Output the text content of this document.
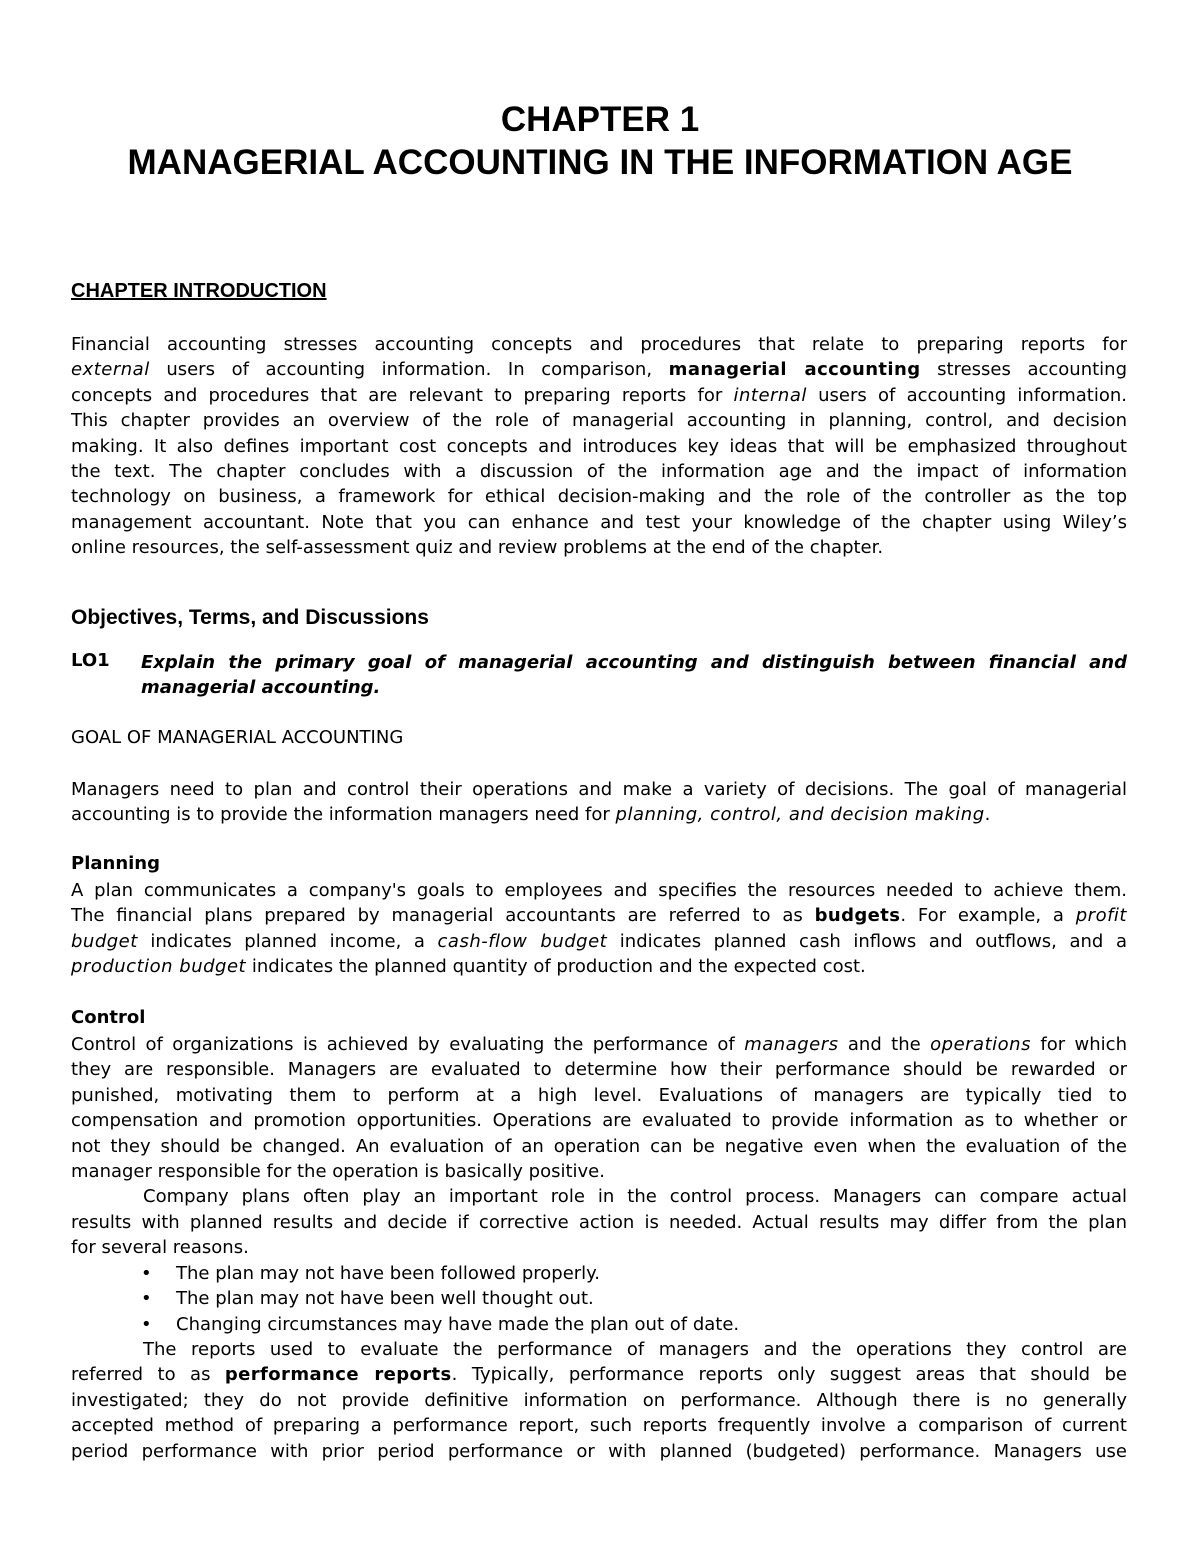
CHAPTER 1
MANAGERIAL ACCOUNTING IN THE INFORMATION AGE
CHAPTER INTRODUCTION
Financial accounting stresses accounting concepts and procedures that relate to preparing reports for
external users of accounting information. In comparison, managerial accounting stresses accounting
concepts and procedures that are relevant to preparing reports for internal users of accounting information.
This chapter provides an overview of the role of managerial accounting in planning, control, and decision
making. It also defines important cost concepts and introduces key ideas that will be emphasized throughout
the text. The chapter concludes with a discussion of the information age and the impact of information
technology on business, a framework for ethical decision-making and the role of the controller as the top
management accountant. Note that you can enhance and test your knowledge of the chapter using Wiley’s
online resources, the self-assessment quiz and review problems at the end of the chapter.
Objectives, Terms, and Discussions
LO1 Explain the primary goal of managerial accounting and distinguish between financial and
managerial accounting.
GOAL OF MANAGERIAL ACCOUNTING
Managers need to plan and control their operations and make a variety of decisions. The goal of managerial
accounting is to provide the information managers need for planning, control, and decision making.
Planning
A plan communicates a company's goals to employees and specifies the resources needed to achieve them.
The financial plans prepared by managerial accountants are referred to as budgets. For example, a profit
budget indicates planned income, a cash-flow budget indicates planned cash inflows and outflows, and a
production budget indicates the planned quantity of production and the expected cost.
Control
Control of organizations is achieved by evaluating the performance of managers and the operations for which
they are responsible. Managers are evaluated to determine how their performance should be rewarded or
punished, motivating them to perform at a high level. Evaluations of managers are typically tied to
compensation and promotion opportunities. Operations are evaluated to provide information as to whether or
not they should be changed. An evaluation of an operation can be negative even when the evaluation of the
manager responsible for the operation is basically positive.
Company plans often play an important role in the control process. Managers can compare actual
results with planned results and decide if corrective action is needed. Actual results may differ from the plan
for several reasons.
• The plan may not have been followed properly.
• The plan may not have been well thought out.
• Changing circumstances may have made the plan out of date.
The reports used to evaluate the performance of managers and the operations they control are
referred to as performance reports. Typically, performance reports only suggest areas that should be
investigated; they do not provide definitive information on performance. Although there is no generally
accepted method of preparing a performance report, such reports frequently involve a comparison of current
period performance with prior period performance or with planned (budgeted) performance. Managers use
